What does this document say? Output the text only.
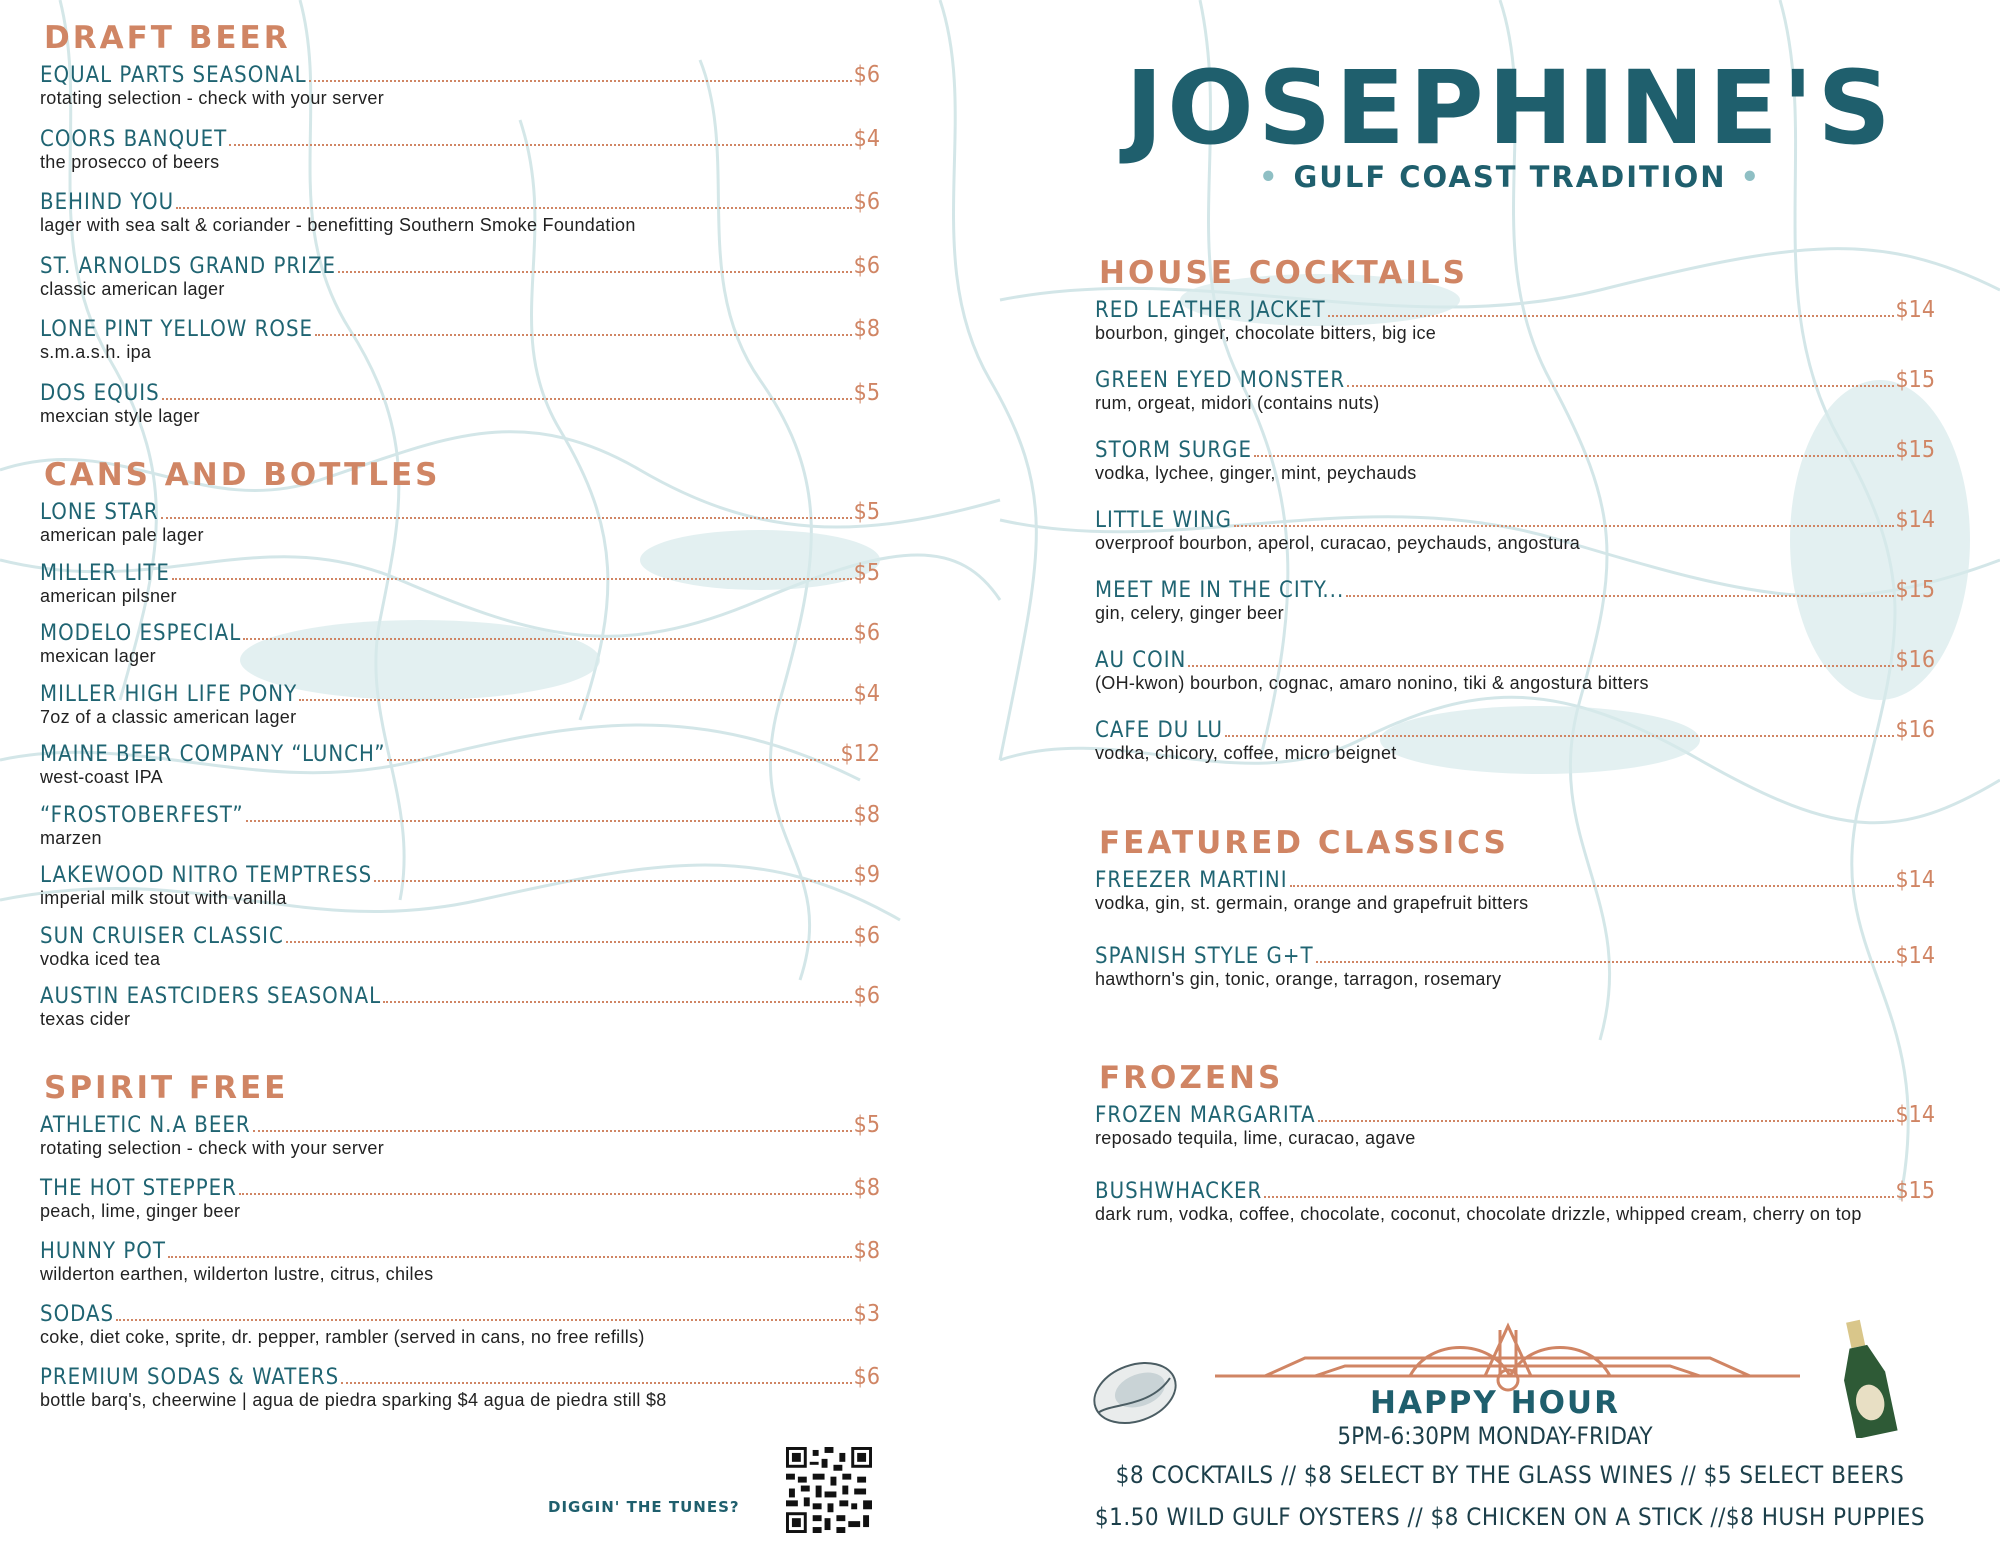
DRAFT BEER
EQUAL PARTS SEASONAL	$6
rotating selection - check with your server
COORS BANQUET	$4
the prosecco of beers
BEHIND YOU	$6
lager with sea salt & coriander - benefitting Southern Smoke Foundation
ST. ARNOLDS GRAND PRIZE	$6
classic american lager
LONE PINT YELLOW ROSE	$8
s.m.a.s.h. ipa
DOS EQUIS	$5
mexcian style lager
CANS AND BOTTLES
LONE STAR	$5
american pale lager
MILLER LITE	$5
american pilsner
MODELO ESPECIAL	$6
mexican lager
MILLER HIGH LIFE PONY	$4
7oz of a classic american lager
MAINE BEER COMPANY “LUNCH”	$12
west-coast IPA
“FROSTOBERFEST”	$8
marzen
LAKEWOOD NITRO TEMPTRESS	$9
imperial milk stout with vanilla
SUN CRUISER CLASSIC	$6
vodka iced tea
AUSTIN EASTCIDERS SEASONAL	$6
texas cider
SPIRIT FREE
ATHLETIC N.A BEER	$5
rotating selection - check with your server
THE HOT STEPPER	$8
peach, lime, ginger beer
HUNNY POT	$8
wilderton earthen, wilderton lustre, citrus, chiles
SODAS	$3
coke, diet coke, sprite, dr. pepper, rambler (served in cans, no free refills)
PREMIUM SODAS & WATERS	$6
bottle barq's, cheerwine | agua de piedra sparking $4 agua de piedra still $8
JOSEPHINE'S
• GULF COAST TRADITION •
HOUSE COCKTAILS
RED LEATHER JACKET	$14
bourbon, ginger, chocolate bitters, big ice
GREEN EYED MONSTER	$15
rum, orgeat, midori (contains nuts)
STORM SURGE	$15
vodka, lychee, ginger, mint, peychauds
LITTLE WING	$14
overproof bourbon, aperol, curacao, peychauds, angostura
MEET ME IN THE CITY...	$15
gin, celery, ginger beer
AU COIN	$16
(OH-kwon) bourbon, cognac, amaro nonino, tiki & angostura bitters
CAFE DU LU	$16
vodka, chicory, coffee, micro beignet
FEATURED CLASSICS
FREEZER MARTINI	$14
vodka, gin, st. germain, orange and grapefruit bitters
SPANISH STYLE G+T	$14
hawthorn's gin, tonic, orange, tarragon, rosemary
FROZENS
FROZEN MARGARITA	$14
reposado tequila, lime, curacao, agave
BUSHWHACKER	$15
dark rum, vodka, coffee, chocolate, coconut, chocolate drizzle, whipped cream, cherry on top
DIGGIN' THE TUNES?
HAPPY HOUR
5PM-6:30PM MONDAY-FRIDAY
$8 COCKTAILS // $8 SELECT BY THE GLASS WINES // $5 SELECT BEERS
$1.50 WILD GULF OYSTERS // $8 CHICKEN ON A STICK //$8 HUSH PUPPIES
